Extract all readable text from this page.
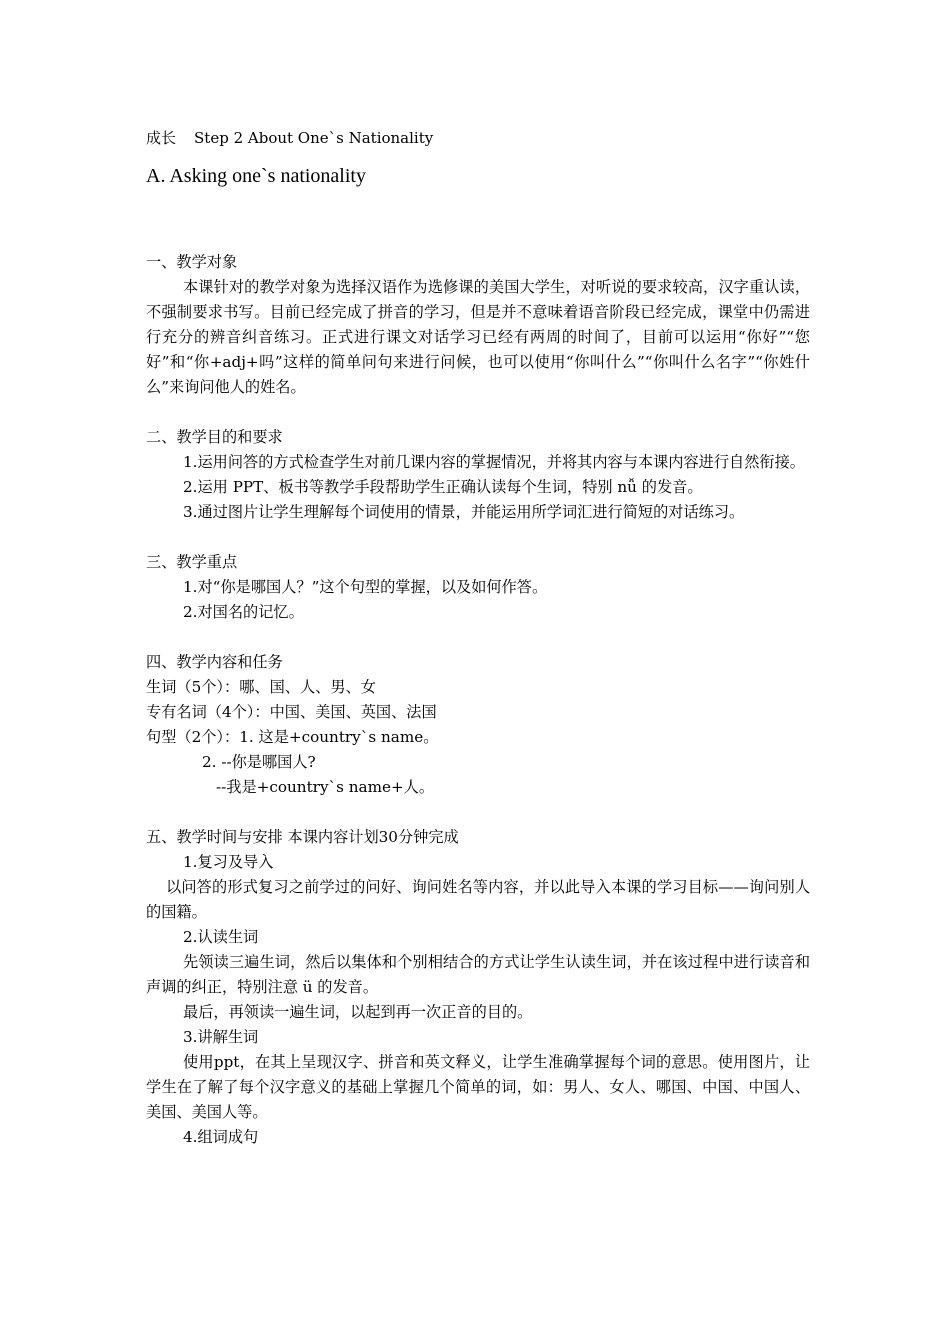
成长 Step 2 About One`s Nationality
A. Asking one`s nationality

一、教学对象

本课针对的教学对象为选择汉语作为选修课的美国大学生，对听说的要求较高，汉字重认读，不强制要求书写。目前已经完成了拼音的学习，但是并不意味着语音阶段已经完成，课堂中仍需进行充分的辨音纠音练习。正式进行课文对话学习已经有两周的时间了，目前可以运用“你好”“您好”和“你+adj+吗”这样的简单问句来进行问候，也可以使用“你叫什么”“你叫什么名字”“你姓什么”来询问他人的姓名。

二、教学目的和要求

1.运用问答的方式检查学生对前几课内容的掌握情况，并将其内容与本课内容进行自然衔接。

2.运用 PPT、板书等教学手段帮助学生正确认读每个生词，特别 nǚ 的发音。

3.通过图片让学生理解每个词使用的情景，并能运用所学词汇进行简短的对话练习。

三、教学重点

1.对“你是哪国人？”这个句型的掌握，以及如何作答。

2.对国名的记忆。

四、教学内容和任务

生词（5个）：哪、国、人、男、女

专有名词（4个）：中国、美国、英国、法国

句型（2个）：1. 这是+country`s name。

2. --你是哪国人?

--我是+country`s name+人。

五、教学时间与安排 本课内容计划30分钟完成

1.复习及导入

以问答的形式复习之前学过的问好、询问姓名等内容，并以此导入本课的学习目标——询问别人的国籍。

2.认读生词

先领读三遍生词，然后以集体和个别相结合的方式让学生认读生词，并在该过程中进行读音和声调的纠正，特别注意 ü 的发音。

最后，再领读一遍生词，以起到再一次正音的目的。

3.讲解生词

使用ppt，在其上呈现汉字、拼音和英文释义，让学生准确掌握每个词的意思。使用图片，让学生在了解了每个汉字意义的基础上掌握几个简单的词，如：男人、女人、哪国、中国、中国人、美国、美国人等。

4.组词成句
